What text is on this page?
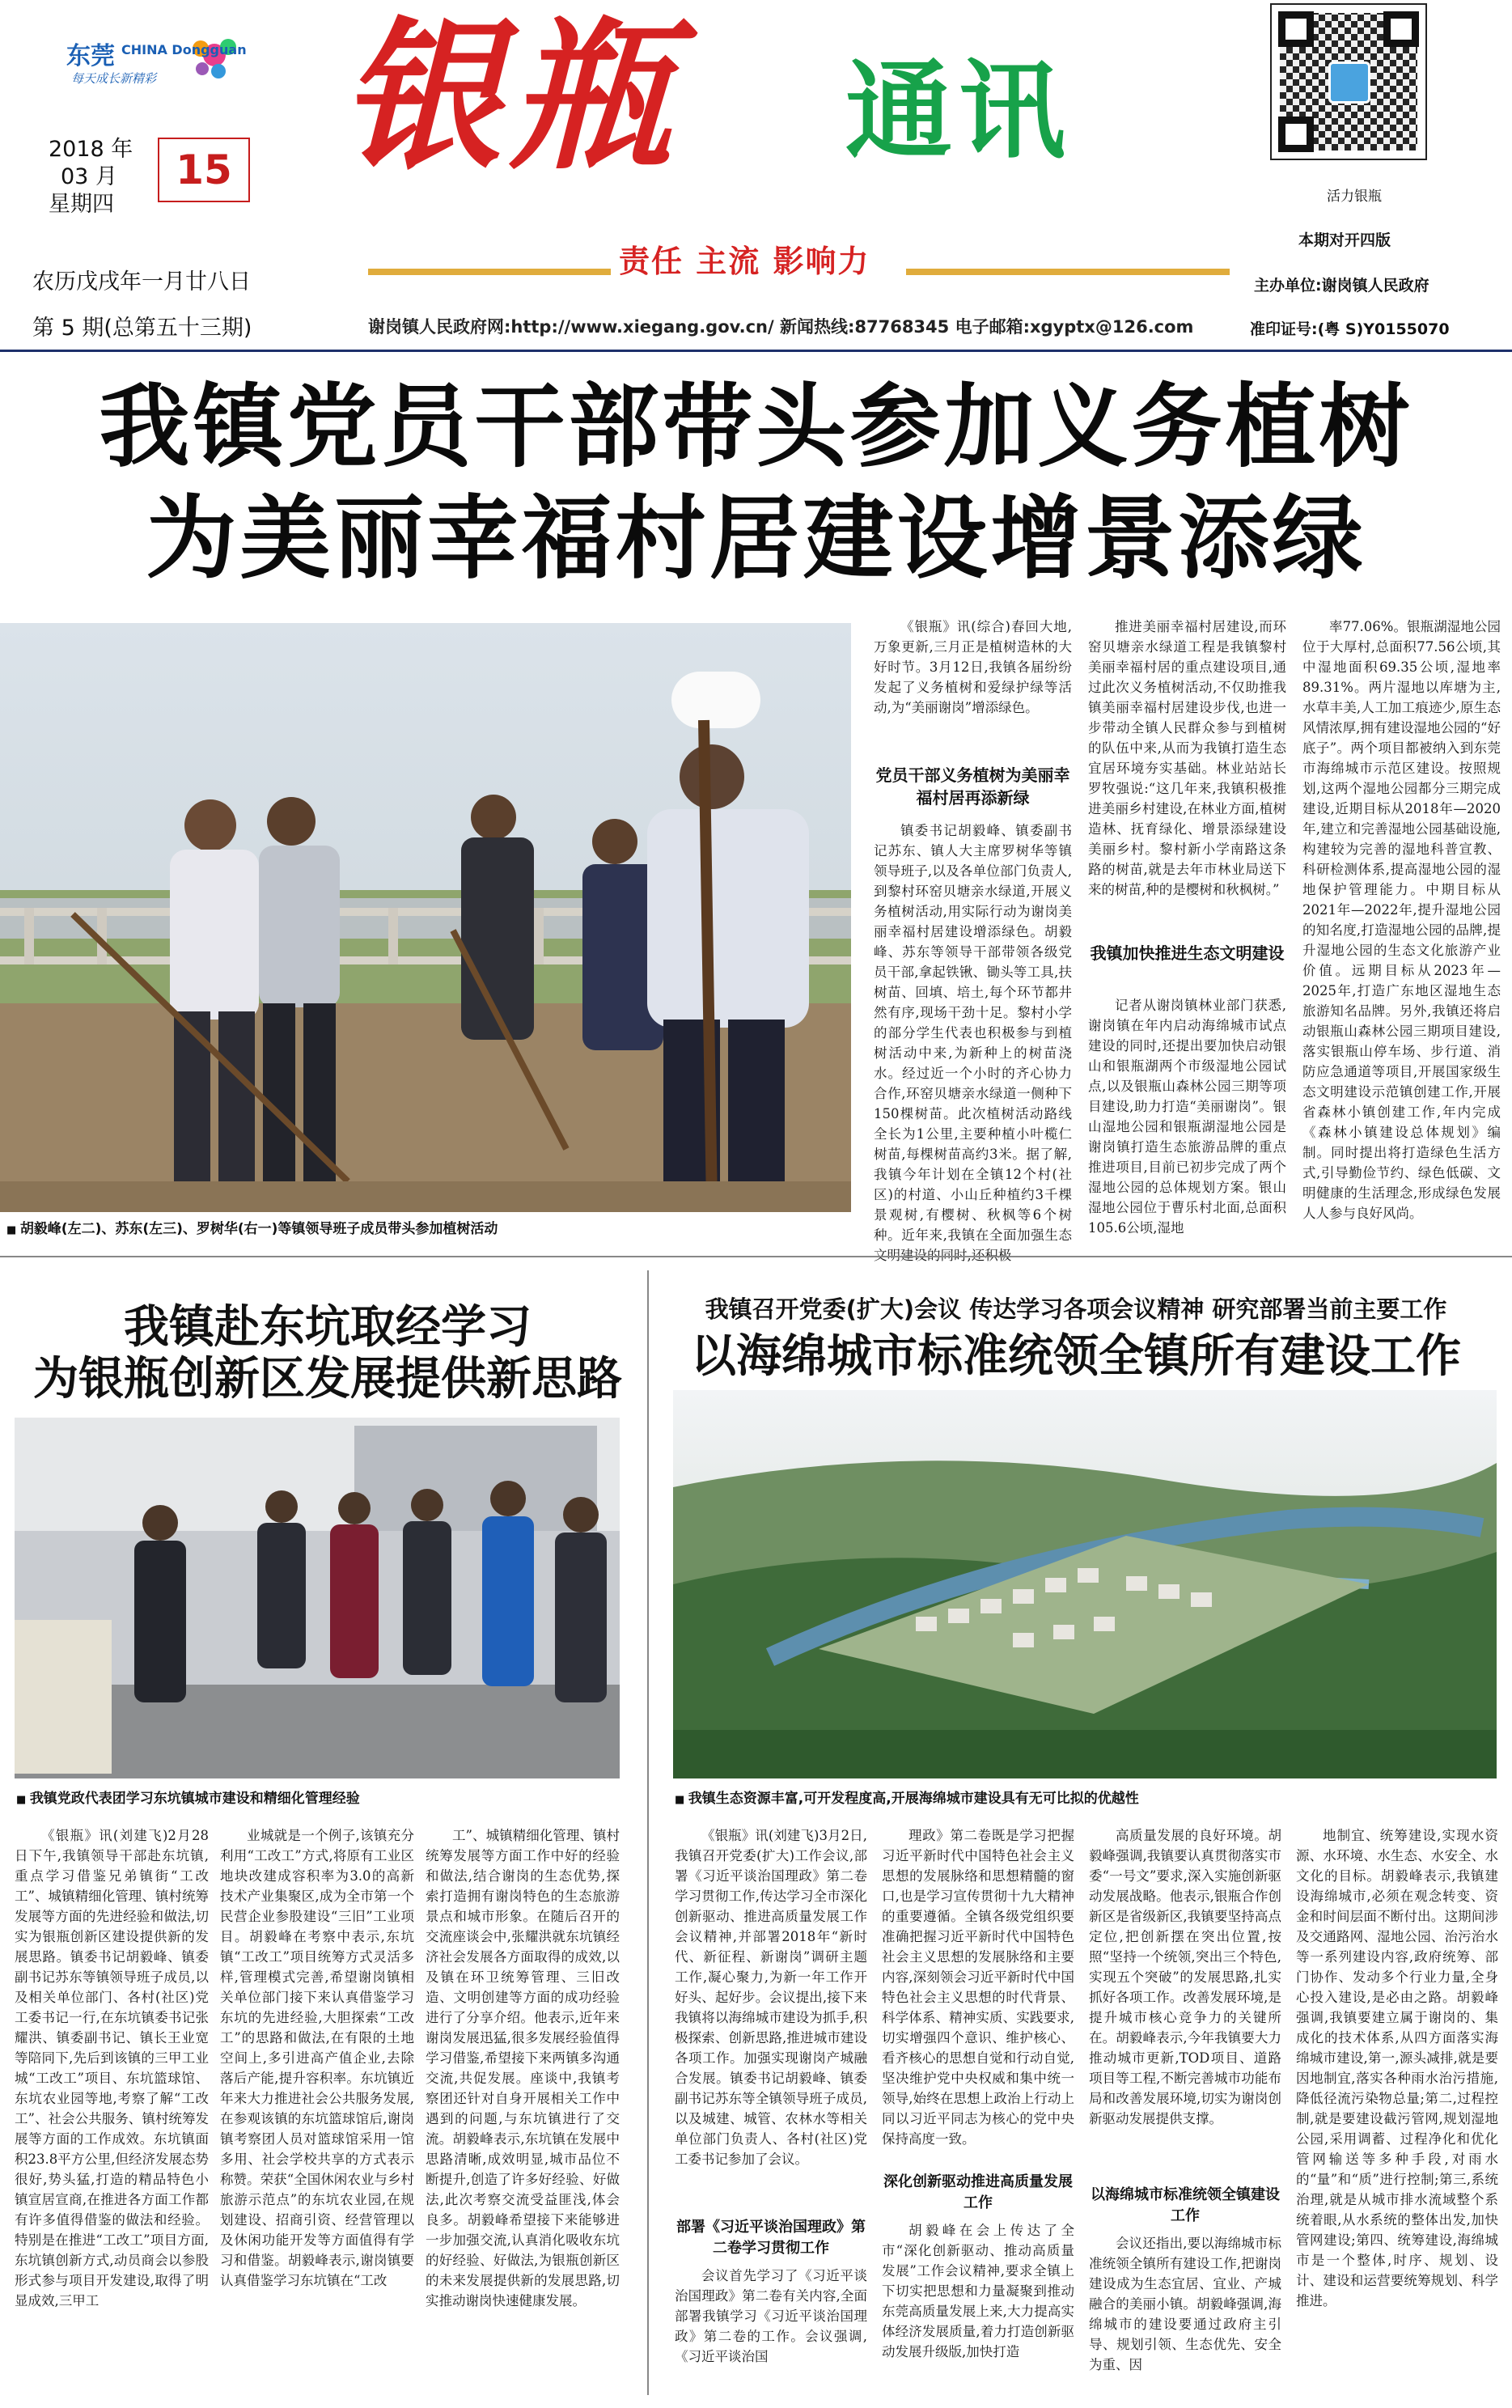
东莞 CHINA Dongguan
每天成长新精彩
2018 年
03 月
星期四
15
农历戊戌年一月廿八日
第 5 期(总第五十三期)
银瓶 通讯
责任 主流 影响力
活力银瓶
本期对开四版
主办单位:谢岗镇人民政府
准印证号:(粤 S)Y0155070
谢岗镇人民政府网:http://www.xiegang.gov.cn/ 新闻热线:87768345 电子邮箱:xgyptx@126.com
我镇党员干部带头参加义务植树
为美丽幸福村居建设增景添绿
■ 胡毅峰(左二)、苏东(左三)、罗树华(右一)等镇领导班子成员带头参加植树活动
《银瓶》讯(综合)春回大地,万象更新,三月正是植树造林的大好时节。3月12日,我镇各届纷纷发起了义务植树和爱绿护绿等活动,为“美丽谢岗”增添绿色。
党员干部义务植树为美丽幸福村居再添新绿
镇委书记胡毅峰、镇委副书记苏东、镇人大主席罗树华等镇领导班子,以及各单位部门负责人,到黎村环窑贝塘亲水绿道,开展义务植树活动,用实际行动为谢岗美丽幸福村居建设增添绿色。胡毅峰、苏东等领导干部带领各级党员干部,拿起铁锹、锄头等工具,扶树苗、回填、培土,每个环节都井然有序,现场干劲十足。黎村小学的部分学生代表也积极参与到植树活动中来,为新种上的树苗浇水。经过近一个小时的齐心协力合作,环窑贝塘亲水绿道一侧种下150棵树苗。此次植树活动路线全长为1公里,主要种植小叶榄仁树苗,每棵树苗高约3米。据了解,我镇今年计划在全镇12个村(社区)的村道、小山丘种植约3千棵景观树,有樱树、秋枫等6个树种。近年来,我镇在全面加强生态
推进美丽幸福村居建设,而环窑贝塘亲水绿道工程是我镇黎村美丽幸福村居的重点建设项目,通过此次义务植树活动,不仅助推我镇美丽幸福村居建设步伐,也进一步带动全镇人民群众参与到植树的队伍中来,从而为我镇打造生态宜居环境夯实基础。林业站站长罗牧强说:“这几年来,我镇积极推进美丽乡村建设,在林业方面,植树造林、抚育绿化、增景添绿建设美丽乡村。黎村新小学南路这条路的树苗,就是去年市林业局送下来的树苗,种的是樱树和秋枫树。”
我镇加快推进生态文明建设
记者从谢岗镇林业部门获悉,谢岗镇在年内启动海绵城市试点建设的同时,还提出要加快启动银山和银瓶湖两个市级湿地公园试点,以及银瓶山森林公园三期等项目建设,助力打造“美丽谢岗”。银山湿地公园和银瓶湖湿地公园是谢岗镇打造生态旅游品牌的重点推进项目,目前已初步完成了两个湿地公园的总体规划方案。银山湿地公园位于曹乐村北面,总面积105.6公顷,湿地
率77.06%。银瓶湖湿地公园位于大厚村,总面积77.56公顷,其中湿地面积69.35公顷,湿地率89.31%。两片湿地以库塘为主,水草丰美,人工加工痕迹少,原生态风情浓厚,拥有建设湿地公园的“好底子”。两个项目都被纳入到东莞市海绵城市示范区建设。按照规划,这两个湿地公园都分三期完成建设,近期目标从2018年—2020年,建立和完善湿地公园基础设施,构建较为完善的湿地科普宣教、科研检测体系,提高湿地公园的湿地保护管理能力。中期目标从2021年—2022年,提升湿地公园的知名度,打造湿地公园的品牌,提升湿地公园的生态文化旅游产业价值。远期目标从2023年—2025年,打造广东地区湿地生态旅游知名品牌。另外,我镇还将启动银瓶山森林公园三期项目建设,落实银瓶山停车场、步行道、消防应急通道等项目,开展国家级生态文明建设示范镇创建工作,开展省森林小镇创建工作,年内完成《森林小镇建设总体规划》编制。同时提出将打造绿色生活方式,引导勤俭节约、绿色低碳、文明健康的生活理念,形成绿色发展人人参与良好风尚。
我镇赴东坑取经学习
为银瓶创新区发展提供新思路
■ 我镇党政代表团学习东坑镇城市建设和精细化管理经验
《银瓶》讯(刘建飞)2月28日下午,我镇领导干部赴东坑镇,重点学习借鉴兄弟镇街“工改工”、城镇精细化管理、镇村统筹发展等方面的先进经验和做法,切实为银瓶创新区建设提供新的发展思路。镇委书记胡毅峰、镇委副书记苏东等镇领导班子成员,以及相关单位部门、各村(社区)党工委书记一行,在东坑镇委书记张耀洪、镇委副书记、镇长王业宽等陪同下,先后到该镇的三甲工业城“工改工”项目、东坑篮球馆、东坑农业园等地,考察了解“工改工”、社会公共服务、镇村统筹发展等方面的工作成效。东坑镇面积23.8平方公里,但经济发展态势很好,势头猛,打造的精品特色小镇宣居宣商,在推进各方面工作都有许多值得借鉴的做法和经验。特别是在推进“工改工”项目方面,东坑镇创新方式,动员商会以参股形式参与项目开发建设,取得了明显成效,三甲工
业城就是一个例子,该镇充分利用“工改工”方式,将原有工业区地块改建成容积率为3.0的高新技术产业集聚区,成为全市第一个民营企业参股建设“三旧”工业项目。胡毅峰在考察中表示,东坑镇“工改工”项目统筹方式灵活多样,管理模式完善,希望谢岗镇相关单位部门接下来认真借鉴学习东坑的先进经验,大胆探索“工改工”的思路和做法,在有限的土地空间上,多引进高产值企业,去除落后产能,提升容积率。东坑镇近年来大力推进社会公共服务发展,在参观该镇的东坑篮球馆后,谢岗镇考察团人员对篮球馆采用一馆多用、社会学校共享的方式表示称赞。荣获“全国休闲农业与乡村旅游示范点”的东坑农业园,在规划建设、招商引资、经营管理以及休闲功能开发等方面值得有学习和借鉴。胡毅峰表示,谢岗镇要认真借鉴学习东坑镇在“工改
工”、城镇精细化管理、镇村统筹发展等方面工作中好的经验和做法,结合谢岗的生态优势,探索打造拥有谢岗特色的生态旅游景点和城市形象。在随后召开的交流座谈会中,张耀洪就东坑镇经济社会发展各方面取得的成效,以及镇在环卫统筹管理、三旧改造、文明创建等方面的成功经验进行了分享介绍。他表示,近年来谢岗发展迅猛,很多发展经验值得学习借鉴,希望接下来两镇多沟通交流,共促发展。座谈中,我镇考察团还针对自身开展相关工作中遇到的问题,与东坑镇进行了交流。胡毅峰表示,东坑镇在发展中思路清晰,成效明显,城市品位不断提升,创造了许多好经验、好做法,此次考察交流受益匪浅,体会良多。胡毅峰希望接下来能够进一步加强交流,认真消化吸收东坑的好经验、好做法,为银瓶创新区的未来发展提供新的发展思路,切实推动谢岗快速健康发展。
我镇召开党委(扩大)会议 传达学习各项会议精神 研究部署当前主要工作
以海绵城市标准统领全镇所有建设工作
■ 我镇生态资源丰富,可开发程度高,开展海绵城市建设具有无可比拟的优越性
《银瓶》讯(刘建飞)3月2日,我镇召开党委(扩大)工作会议,部署《习近平谈治国理政》第二卷学习贯彻工作,传达学习全市深化创新驱动、推进高质量发展工作会议精神,并部署2018年“新时代、新征程、新谢岗”调研主题工作,凝心聚力,为新一年工作开好头、起好步。会议提出,接下来我镇将以海绵城市建设为抓手,积极探索、创新思路,推进城市建设各项工作。加强实现谢岗产城融合发展。镇委书记胡毅峰、镇委副书记苏东等全镇领导班子成员,以及城建、城管、农林水等相关单位部门负责人、各村(社区)党工委书记参加了会议。
部署《习近平谈治国理政》第二卷学习贯彻工作
会议首先学习了《习近平谈治国理政》第二卷有关内容,全面部署我镇学习《习近平谈治国理政》第二卷的工作。会议强调,《习近平谈治国
理政》第二卷既是学习把握习近平新时代中国特色社会主义思想的发展脉络和思想精髓的窗口,也是学习宣传贯彻十九大精神的重要遵循。全镇各级党组织要准确把握习近平新时代中国特色社会主义思想的发展脉络和主要内容,深刻领会习近平新时代中国特色社会主义思想的时代背景、科学体系、精神实质、实践要求,切实增强四个意识、维护核心、看齐核心的思想自觉和行动自觉,坚决维护党中央权威和集中统一领导,始终在思想上政治上行动上同以习近平同志为核心的党中央保持高度一致。
深化创新驱动推进高质量发展工作
胡毅峰在会上传达了全市“深化创新驱动、推动高质量发展”工作会议精神,要求全镇上下切实把思想和力量凝聚到推动东莞高质量发展上来,大力提高实体经济发展质量,着力打造创新驱动发展升级版,加快打造
高质量发展的良好环境。胡毅峰强调,我镇要认真贯彻落实市委“一号文”要求,深入实施创新驱动发展战略。他表示,银瓶合作创新区是省级新区,我镇要坚持高点定位,把创新摆在突出位置,按照“坚持一个统领,突出三个特色,实现五个突破”的发展思路,扎实抓好各项工作。改善发展环境,是提升城市核心竞争力的关键所在。胡毅峰表示,今年我镇要大力推动城市更新,TOD项目、道路项目等工程,不断完善城市功能布局和改善发展环境,切实为谢岗创新驱动发展提供支撑。
以海绵城市标准统领全镇建设工作
会议还指出,要以海绵城市标准统领全镇所有建设工作,把谢岗建设成为生态宜居、宜业、产城融合的美丽小镇。胡毅峰强调,海绵城市的建设要通过政府主引导、规划引领、生态优先、安全为重、因
地制宜、统筹建设,实现水资源、水环境、水生态、水安全、水文化的目标。胡毅峰表示,我镇建设海绵城市,必须在观念转变、资金和时间层面不断付出。这期间涉及交通路网、湿地公园、治污治水等一系列建设内容,政府统筹、部门协作、发动多个行业力量,全身心投入建设,是必由之路。胡毅峰强调,我镇要建立属于谢岗的、集成化的技术体系,从四方面落实海绵城市建设,第一,源头减排,就是要因地制宜,落实各种雨水治污措施,降低径流污染物总量;第二,过程控制,就是要建设截污管网,规划湿地公园,采用调蓄、过程净化和优化管网输送等多种手段,对雨水的“量”和“质”进行控制;第三,系统治理,就是从城市排水流域整个系统着眼,从水系统的整体出发,加快管网建设;第四、统筹建设,海绵城市是一个整体,时序、规划、设计、建设和运营要统筹规划、科学推进。
